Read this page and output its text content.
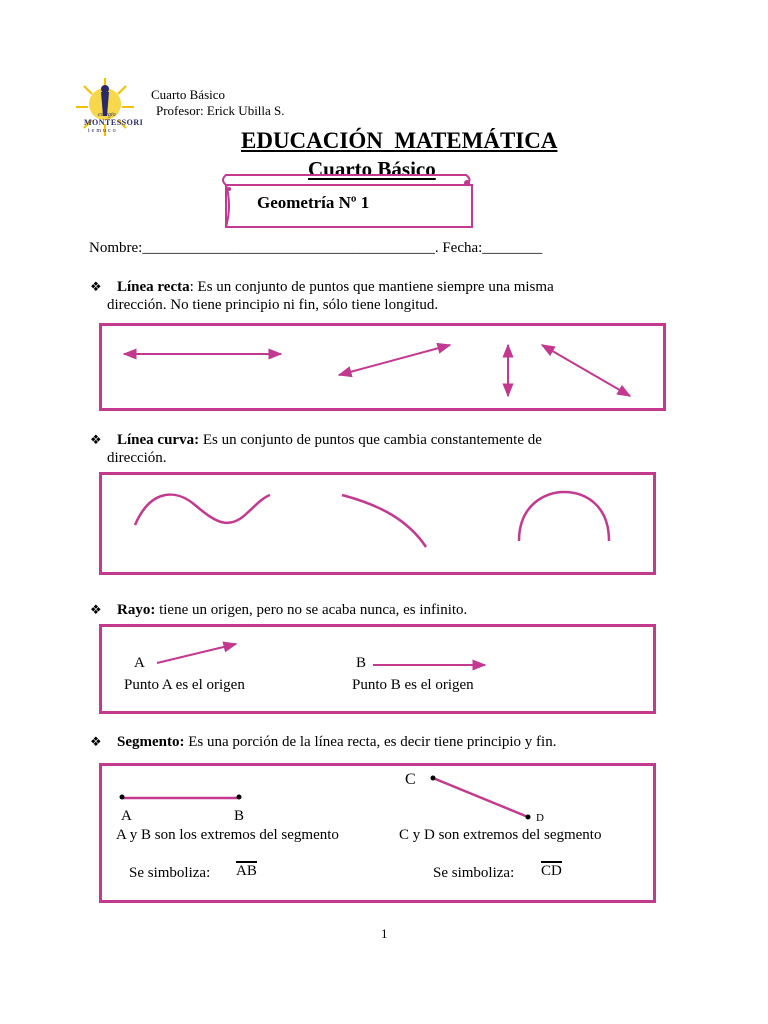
colegio
MONTESSORI
temuco
Cuarto Básico
Profesor: Erick Ubilla S.
EDUCACIÓN  MATEMÁTICA
Cuarto Básico
Geometría Nº 1
Nombre:_______________________________________. Fecha:________
❖ Línea recta: Es un conjunto de puntos que mantiene siempre una misma
dirección. No tiene principio ni fin, sólo tiene longitud.
❖ Línea curva: Es un conjunto de puntos que cambia constantemente de
dirección.
❖ Rayo: tiene un origen, pero no se acaba nunca, es infinito.
A	B
Punto A es el origen	Punto B es el origen
❖ Segmento: Es una porción de la línea recta, es decir tiene principio y fin.
C
A	B	D
A y B son los extremos del segmento	C y D son extremos del segmento
Se simboliza: AB	Se simboliza: CD
1
